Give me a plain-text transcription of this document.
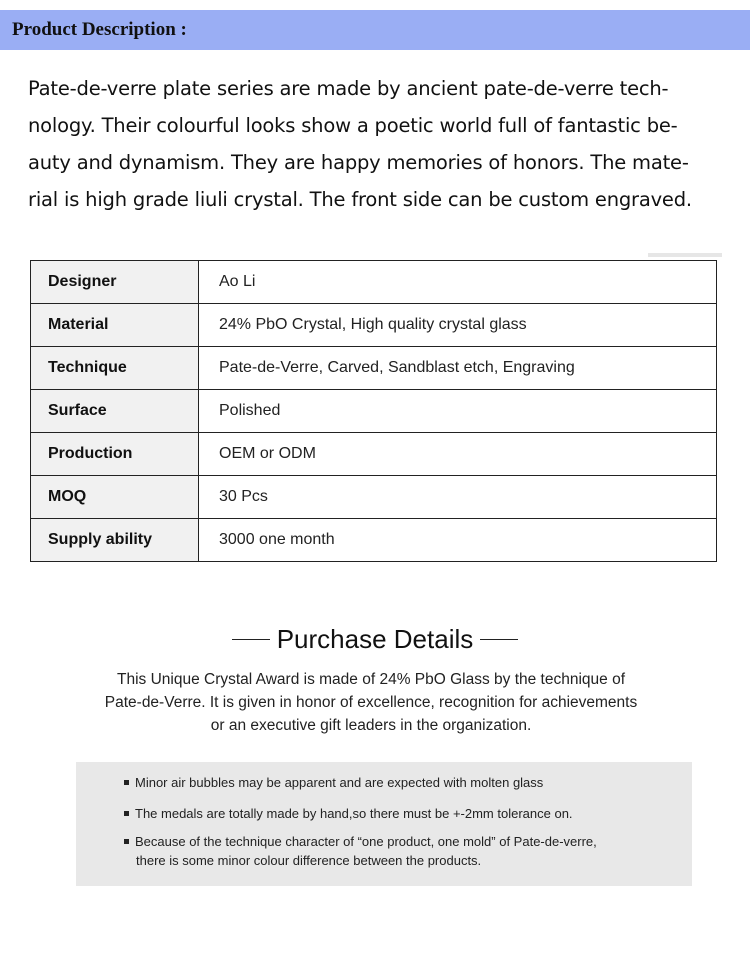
Product Description :

Pate-de-verre plate series are made by ancient pate-de-verre tech-
nology. Their colourful looks show a poetic world full of fantastic be-
auty and dynamism. They are happy memories of honors. The mate-
rial is high grade liuli crystal. The front side can be custom engraved.

Designer	Ao Li
Material	24% PbO Crystal, High quality crystal glass
Technique	Pate-de-Verre, Carved, Sandblast etch, Engraving
Surface	Polished
Production	OEM or ODM
MOQ	30 Pcs
Supply ability	3000 one month
Purchase Details
This Unique Crystal Award is made of 24% PbO Glass by the technique of
Pate-de-Verre. It is given in honor of excellence, recognition for achievements
or an executive gift leaders in the organization.
Minor air bubbles may be apparent and are expected with molten glass
The medals are totally made by hand,so there must be +-2mm tolerance on.
Because of the technique character of “one product, one mold” of Pate-de-verre,
there is some minor colour difference between the products.
